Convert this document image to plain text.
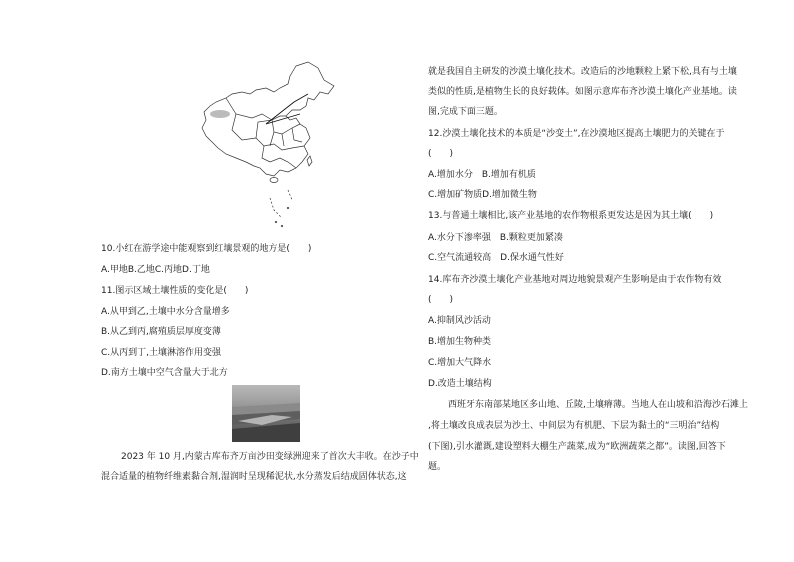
10.小红在游学途中能观察到红壤景观的地方是(　　)
A.甲地B.乙地C.丙地D.丁地
11.图示区域土壤性质的变化是(　　)
A.从甲到乙,土壤中水分含量增多
B.从乙到丙,腐殖质层厚度变薄
C.从丙到丁,土壤淋溶作用变强
D.南方土壤中空气含量大于北方
2023 年 10 月,内蒙古库布齐万亩沙田变绿洲迎来了首次大丰收。在沙子中
混合适量的植物纤维素黏合剂,湿润时呈现稀泥状,水分蒸发后结成固体状态,这
就是我国自主研发的沙漠土壤化技术。改造后的沙地颗粒上紧下松,具有与土壤
类似的性质,是植物生长的良好载体。如图示意库布齐沙漠土壤化产业基地。读
图,完成下面三题。
12.沙漠土壤化技术的本质是“沙变土”,在沙漠地区提高土壤肥力的关键在于
(　　)
A.增加水分　B.增加有机质
C.增加矿物质D.增加微生物
13.与普通土壤相比,该产业基地的农作物根系更发达是因为其土壤(　　)
A.水分下渗率强　B.颗粒更加紧凑
C.空气流通较高　D.保水通气性好
14.库布齐沙漠土壤化产业基地对周边地貌景观产生影响是由于农作物有效
(　　)
A.抑制风沙活动
B.增加生物种类
C.增加大气降水
D.改造土壤结构
西班牙东南部某地区多山地、丘陵,土壤瘠薄。当地人在山坡和沿海沙石滩上
,将土壤改良成表层为沙土、中间层为有机肥、下层为黏土的“三明治”结构
(下图),引水灌溉,建设塑料大棚生产蔬菜,成为“欧洲蔬菜之都”。读图,回答下
题。
